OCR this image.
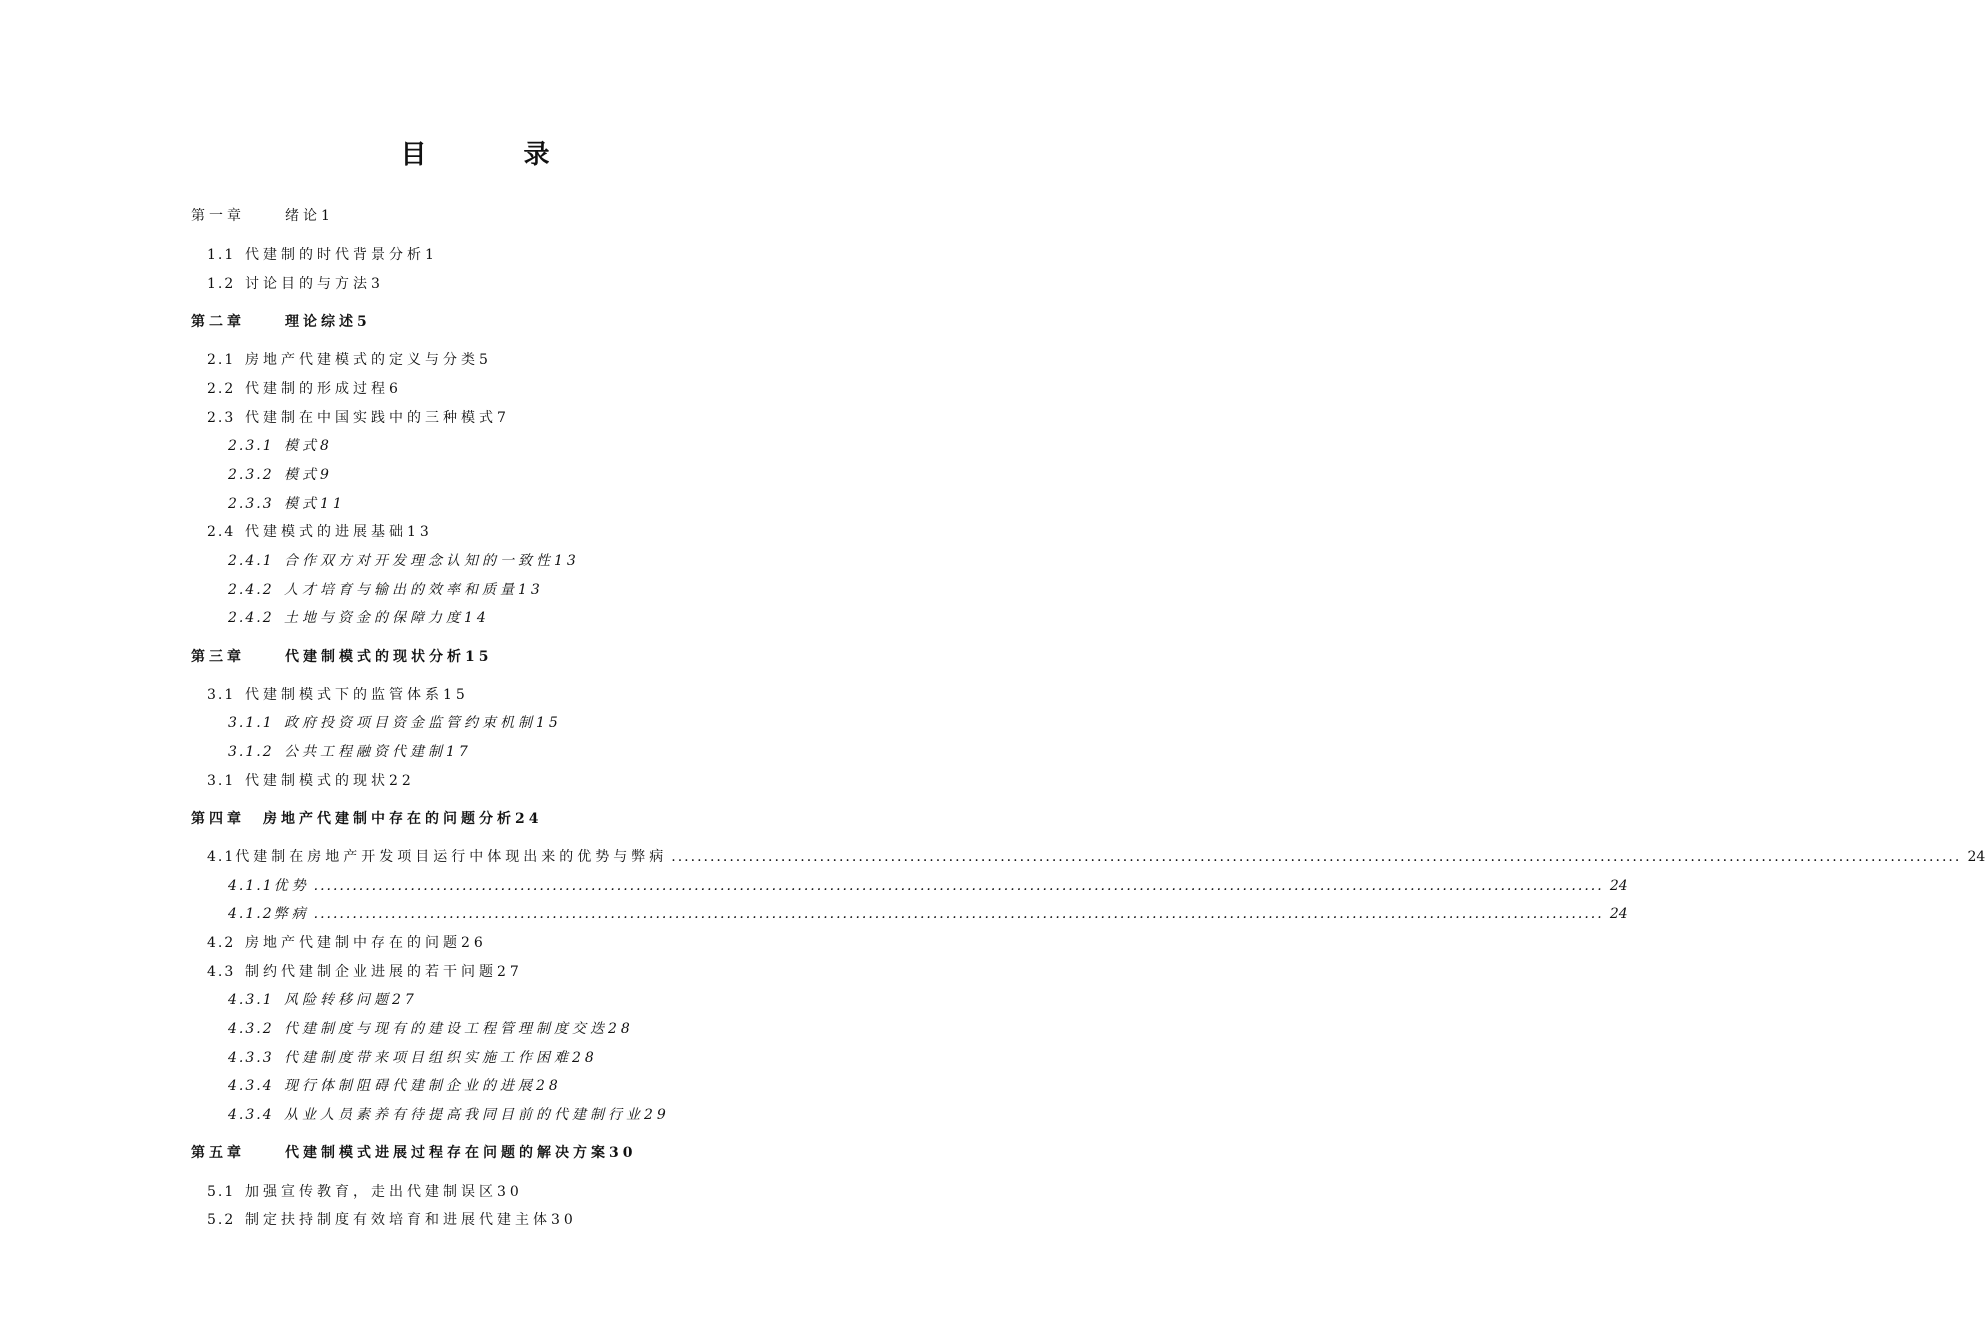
目 录
第一章	绪论1
1.1 代建制的时代背景分析1
1.2 讨论目的与方法3
第二章	理论综述5
2.1 房地产代建模式的定义与分类5
2.2 代建制的形成过程6
2.3 代建制在中国实践中的三种模式7
2.3.1 模式8
2.3.2 模式9
2.3.3 模式11
2.4 代建模式的进展基础13
2.4.1 合作双方对开发理念认知的一致性13
2.4.2 人才培育与输出的效率和质量13
2.4.2 土地与资金的保障力度14
第三章	代建制模式的现状分析15
3.1 代建制模式下的监管体系15
3.1.1 政府投资项目资金监管约束机制15
3.1.2 公共工程融资代建制17
3.1 代建制模式的现状22
第四章 房地产代建制中存在的问题分析24
4.1 代建制在房地产开发项目运行中体现出来的优势与弊病 ........................................................................................................................................................................................................ 24
4.1.1 优势 ........................................................................................................................................................................................................ 24
4.1.2 弊病 ........................................................................................................................................................................................................ 24
4.2 房地产代建制中存在的问题26
4.3 制约代建制企业进展的若干问题27
4.3.1 风险转移问题27
4.3.2 代建制度与现有的建设工程管理制度交迭28
4.3.3 代建制度带来项目组织实施工作困难28
4.3.4 现行体制阻碍代建制企业的进展28
4.3.4 从业人员素养有待提高我同目前的代建制行业29
第五章	代建制模式进展过程存在问题的解决方案30
5.1 加强宣传教育，走出代建制误区30
5.2 制定扶持制度有效培育和进展代建主体30
